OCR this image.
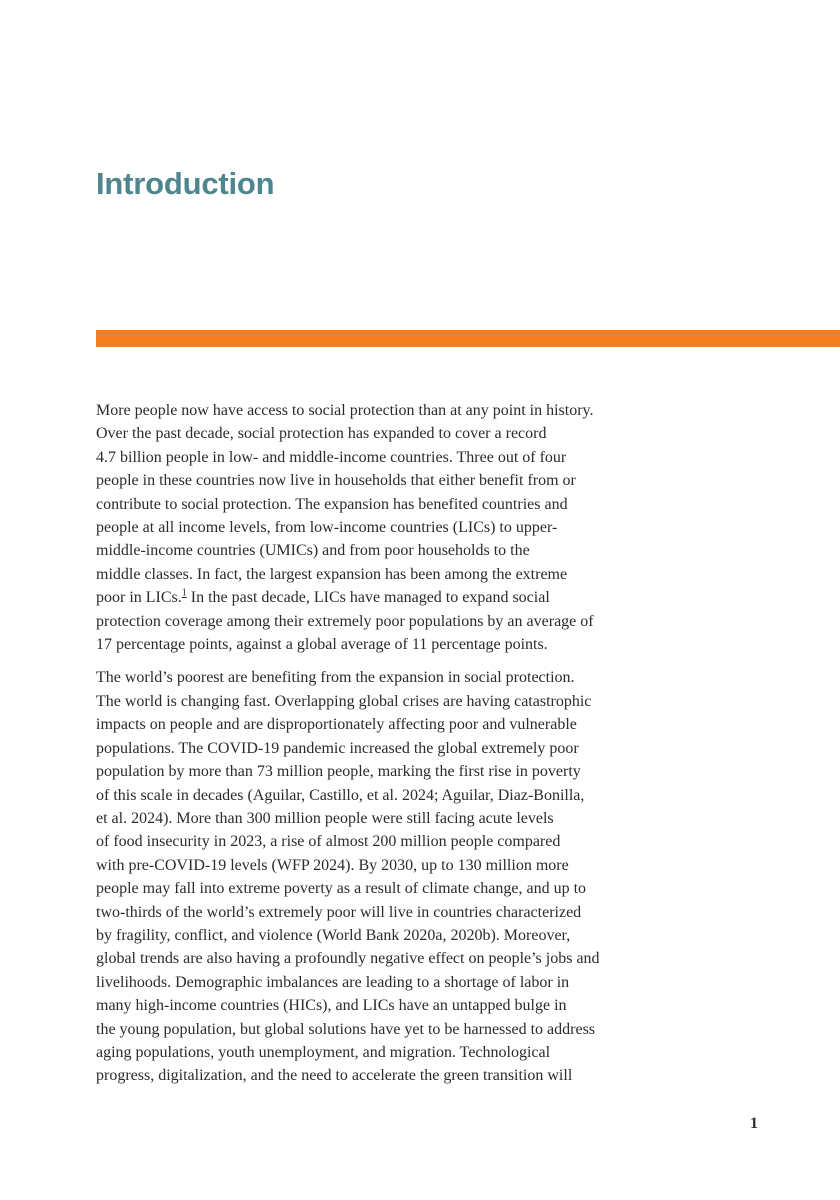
Introduction
More people now have access to social protection than at any point in history.
Over the past decade, social protection has expanded to cover a record
4.7 billion people in low- and middle-income countries. Three out of four
people in these countries now live in households that either benefit from or
contribute to social protection. The expansion has benefited countries and
people at all income levels, from low-income countries (LICs) to upper-
middle-income countries (UMICs) and from poor households to the
middle classes. In fact, the largest expansion has been among the extreme
poor in LICs.$^1$ In the past decade, LICs have managed to expand social
protection coverage among their extremely poor populations by an average of
17 percentage points, against a global average of 11 percentage points.
The world’s poorest are benefiting from the expansion in social protection.
The world is changing fast. Overlapping global crises are having catastrophic
impacts on people and are disproportionately affecting poor and vulnerable
populations. The COVID-19 pandemic increased the global extremely poor
population by more than 73 million people, marking the first rise in poverty
of this scale in decades (Aguilar, Castillo, et al. 2024; Aguilar, Diaz-Bonilla,
et al. 2024). More than 300 million people were still facing acute levels
of food insecurity in 2023, a rise of almost 200 million people compared
with pre-COVID-19 levels (WFP 2024). By 2030, up to 130 million more
people may fall into extreme poverty as a result of climate change, and up to
two-thirds of the world’s extremely poor will live in countries characterized
by fragility, conflict, and violence (World Bank 2020a, 2020b). Moreover,
global trends are also having a profoundly negative effect on people’s jobs and
livelihoods. Demographic imbalances are leading to a shortage of labor in
many high-income countries (HICs), and LICs have an untapped bulge in
the young population, but global solutions have yet to be harnessed to address
aging populations, youth unemployment, and migration. Technological
progress, digitalization, and the need to accelerate the green transition will
1
